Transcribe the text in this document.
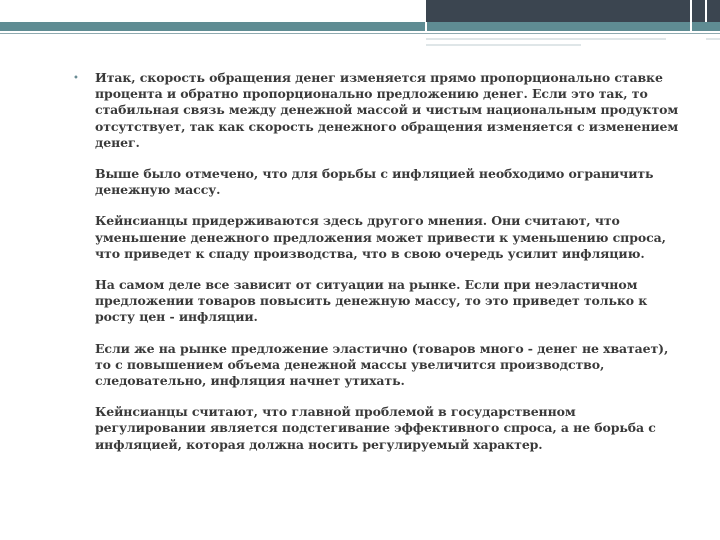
• Итак, скорость обращения денег изменяется прямо пропорционально ставке процента и обратно пропорционально предложению денег. Если это так, то стабильная связь между денежной массой и чистым национальным продуктом отсутствует, так как скорость денежного обращения изменяется с изменением денег.

Выше было отмечено, что для борьбы с инфляцией необходимо ограничить денежную массу.

Кейнсианцы придерживаются здесь другого мнения. Они считают, что уменьшение денежного предложения может привести к уменьшению спроса, что приведет к спаду производства, что в свою очередь усилит инфляцию.

На самом деле все зависит от ситуации на рынке. Если при неэластичном предложении товаров повысить денежную массу, то это приведет только к росту цен - инфляции.

Если же на рынке предложение эластично (товаров много - денег не хватает), то с повышением объема денежной массы увеличится производство, следовательно, инфляция начнет утихать.

Кейнсианцы считают, что главной проблемой в государственном регулировании является подстегивание эффективного спроса, а не борьба с инфляцией, которая должна носить регулируемый характер.
